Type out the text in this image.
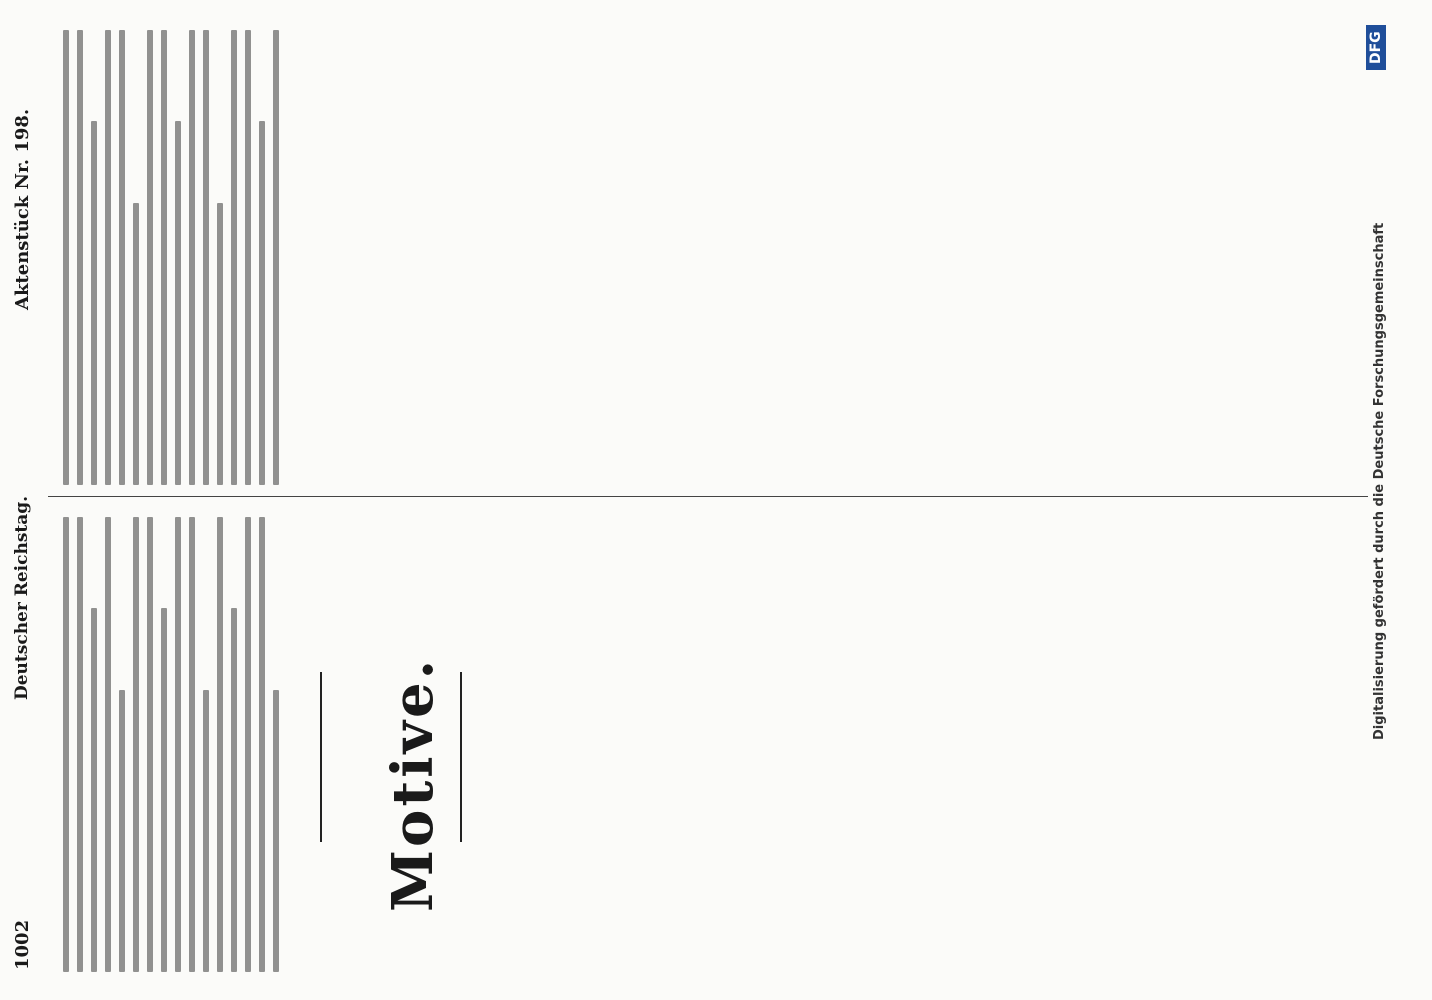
1002
Deutscher Reichstag.
Aktenstück Nr. 198.
Motive.
Digitalisierung gefördert durch die Deutsche Forschungsgemeinschaft
DFG
